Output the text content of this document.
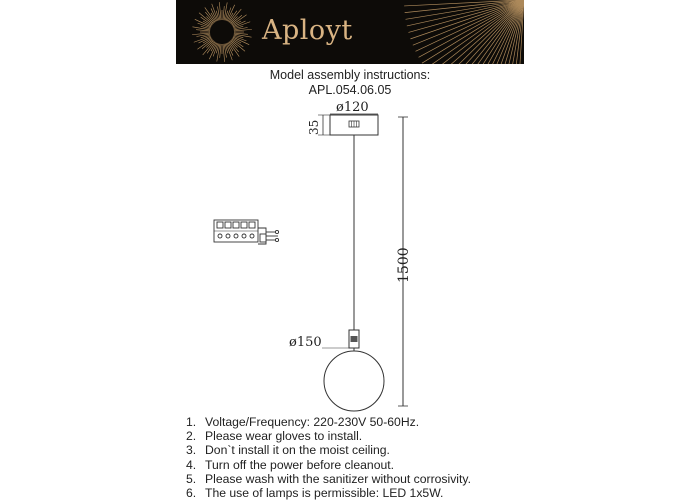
Aployt
Model assembly instructions:
APL.054.06.05
ø120
35
ø150
1500
1. Voltage/Frequency: 220-230V 50-60Hz.
2. Please wear gloves to install.
3. Don`t install it on the moist ceiling.
4. Turn off the power before cleanout.
5. Please wash with the sanitizer without corrosivity.
6. The use of lamps is permissible: LED 1x5W.
